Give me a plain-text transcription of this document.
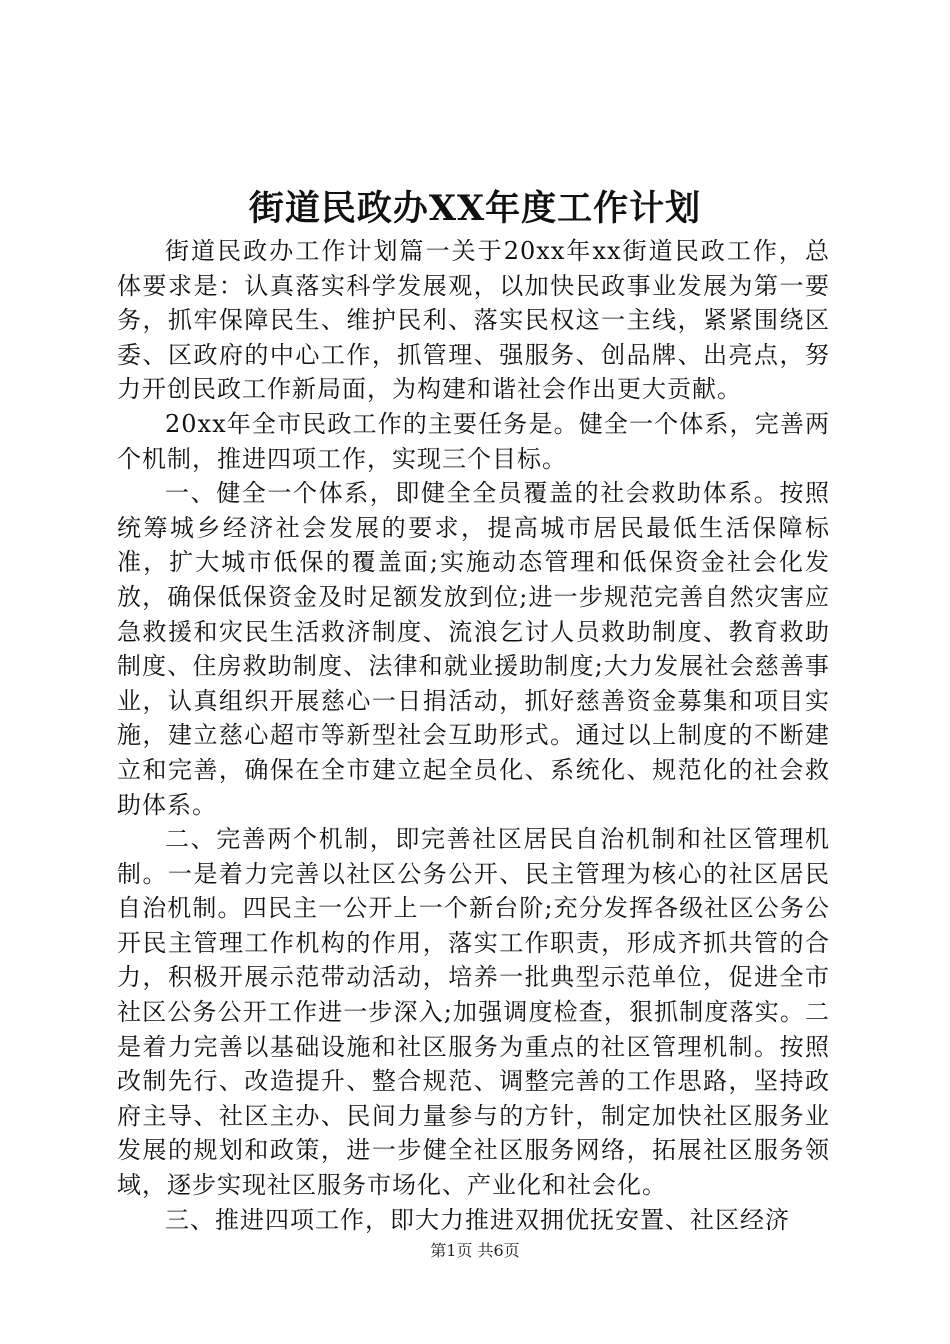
街道民政办XX年度工作计划

街道民政办工作计划篇一关于20xx年xx街道民政工作，总体要求是：认真落实科学发展观，以加快民政事业发展为第一要务，抓牢保障民生、维护民利、落实民权这一主线，紧紧围绕区委、区政府的中心工作，抓管理、强服务、创品牌、出亮点，努力开创民政工作新局面，为构建和谐社会作出更大贡献。

20xx年全市民政工作的主要任务是。健全一个体系，完善两个机制，推进四项工作，实现三个目标。

一、健全一个体系，即健全全员覆盖的社会救助体系。按照统筹城乡经济社会发展的要求，提高城市居民最低生活保障标准，扩大城市低保的覆盖面;实施动态管理和低保资金社会化发放，确保低保资金及时足额发放到位;进一步规范完善自然灾害应急救援和灾民生活救济制度、流浪乞讨人员救助制度、教育救助制度、住房救助制度、法律和就业援助制度;大力发展社会慈善事业，认真组织开展慈心一日捐活动，抓好慈善资金募集和项目实施，建立慈心超市等新型社会互助形式。通过以上制度的不断建立和完善，确保在全市建立起全员化、系统化、规范化的社会救助体系。

二、完善两个机制，即完善社区居民自治机制和社区管理机制。一是着力完善以社区公务公开、民主管理为核心的社区居民自治机制。四民主一公开上一个新台阶;充分发挥各级社区公务公开民主管理工作机构的作用，落实工作职责，形成齐抓共管的合力，积极开展示范带动活动，培养一批典型示范单位，促进全市社区公务公开工作进一步深入;加强调度检查，狠抓制度落实。二是着力完善以基础设施和社区服务为重点的社区管理机制。按照改制先行、改造提升、整合规范、调整完善的工作思路，坚持政府主导、社区主办、民间力量参与的方针，制定加快社区服务业发展的规划和政策，进一步健全社区服务网络，拓展社区服务领域，逐步实现社区服务市场化、产业化和社会化。

三、推进四项工作，即大力推进双拥优抚安置、社区经济

第1页 共6页
